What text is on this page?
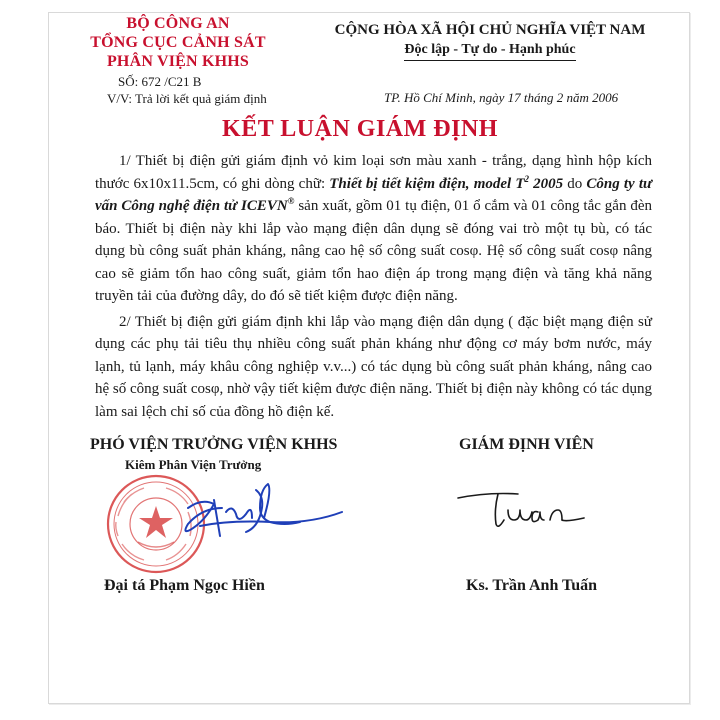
BỘ CÔNG AN
TỔNG CỤC CẢNH SÁT
PHÂN VIỆN KHHS
SỐ: 672 /C21 B
V/V: Trả lời kết quả giám định
CỘNG HÒA XÃ HỘI CHỦ NGHĨA VIỆT NAM
Độc lập - Tự do - Hạnh phúc
TP. Hồ Chí Minh, ngày 17 tháng 2 năm 2006
KẾT LUẬN GIÁM ĐỊNH

1/ Thiết bị điện gửi giám định vỏ kim loại sơn màu xanh - trắng, dạng hình hộp kích thước 6x10x11.5cm, có ghi dòng chữ: Thiết bị tiết kiệm điện, model $T^2$ 2005 do Công ty tư vấn Công nghệ điện tử ICEVN® sản xuất, gồm 01 tụ điện, 01 ổ cắm và 01 công tắc gắn đèn báo. Thiết bị điện này khi lắp vào mạng điện dân dụng sẽ đóng vai trò một tụ bù, có tác dụng bù công suất phản kháng, nâng cao hệ số công suất cosφ. Hệ số công suất cosφ nâng cao sẽ giảm tổn hao công suất, giảm tổn hao điện áp trong mạng điện và tăng khả năng truyền tải của đường dây, do đó sẽ tiết kiệm được điện năng.

2/ Thiết bị điện gửi giám định khi lắp vào mạng điện dân dụng ( đặc biệt mạng điện sử dụng các phụ tải tiêu thụ nhiều công suất phản kháng như động cơ máy bơm nước, máy lạnh, tủ lạnh, máy khâu công nghiệp v.v...) có tác dụng bù công suất phản kháng, nâng cao hệ số công suất cosφ, nhờ vậy tiết kiệm được điện năng. Thiết bị điện này không có tác dụng làm sai lệch chỉ số của đồng hồ điện kế.

PHÓ VIỆN TRƯỞNG VIỆN KHHS
Kiêm Phân Viện Trưởng
GIÁM ĐỊNH VIÊN
Đại tá Phạm Ngọc Hiền	Ks. Trần Anh Tuấn
